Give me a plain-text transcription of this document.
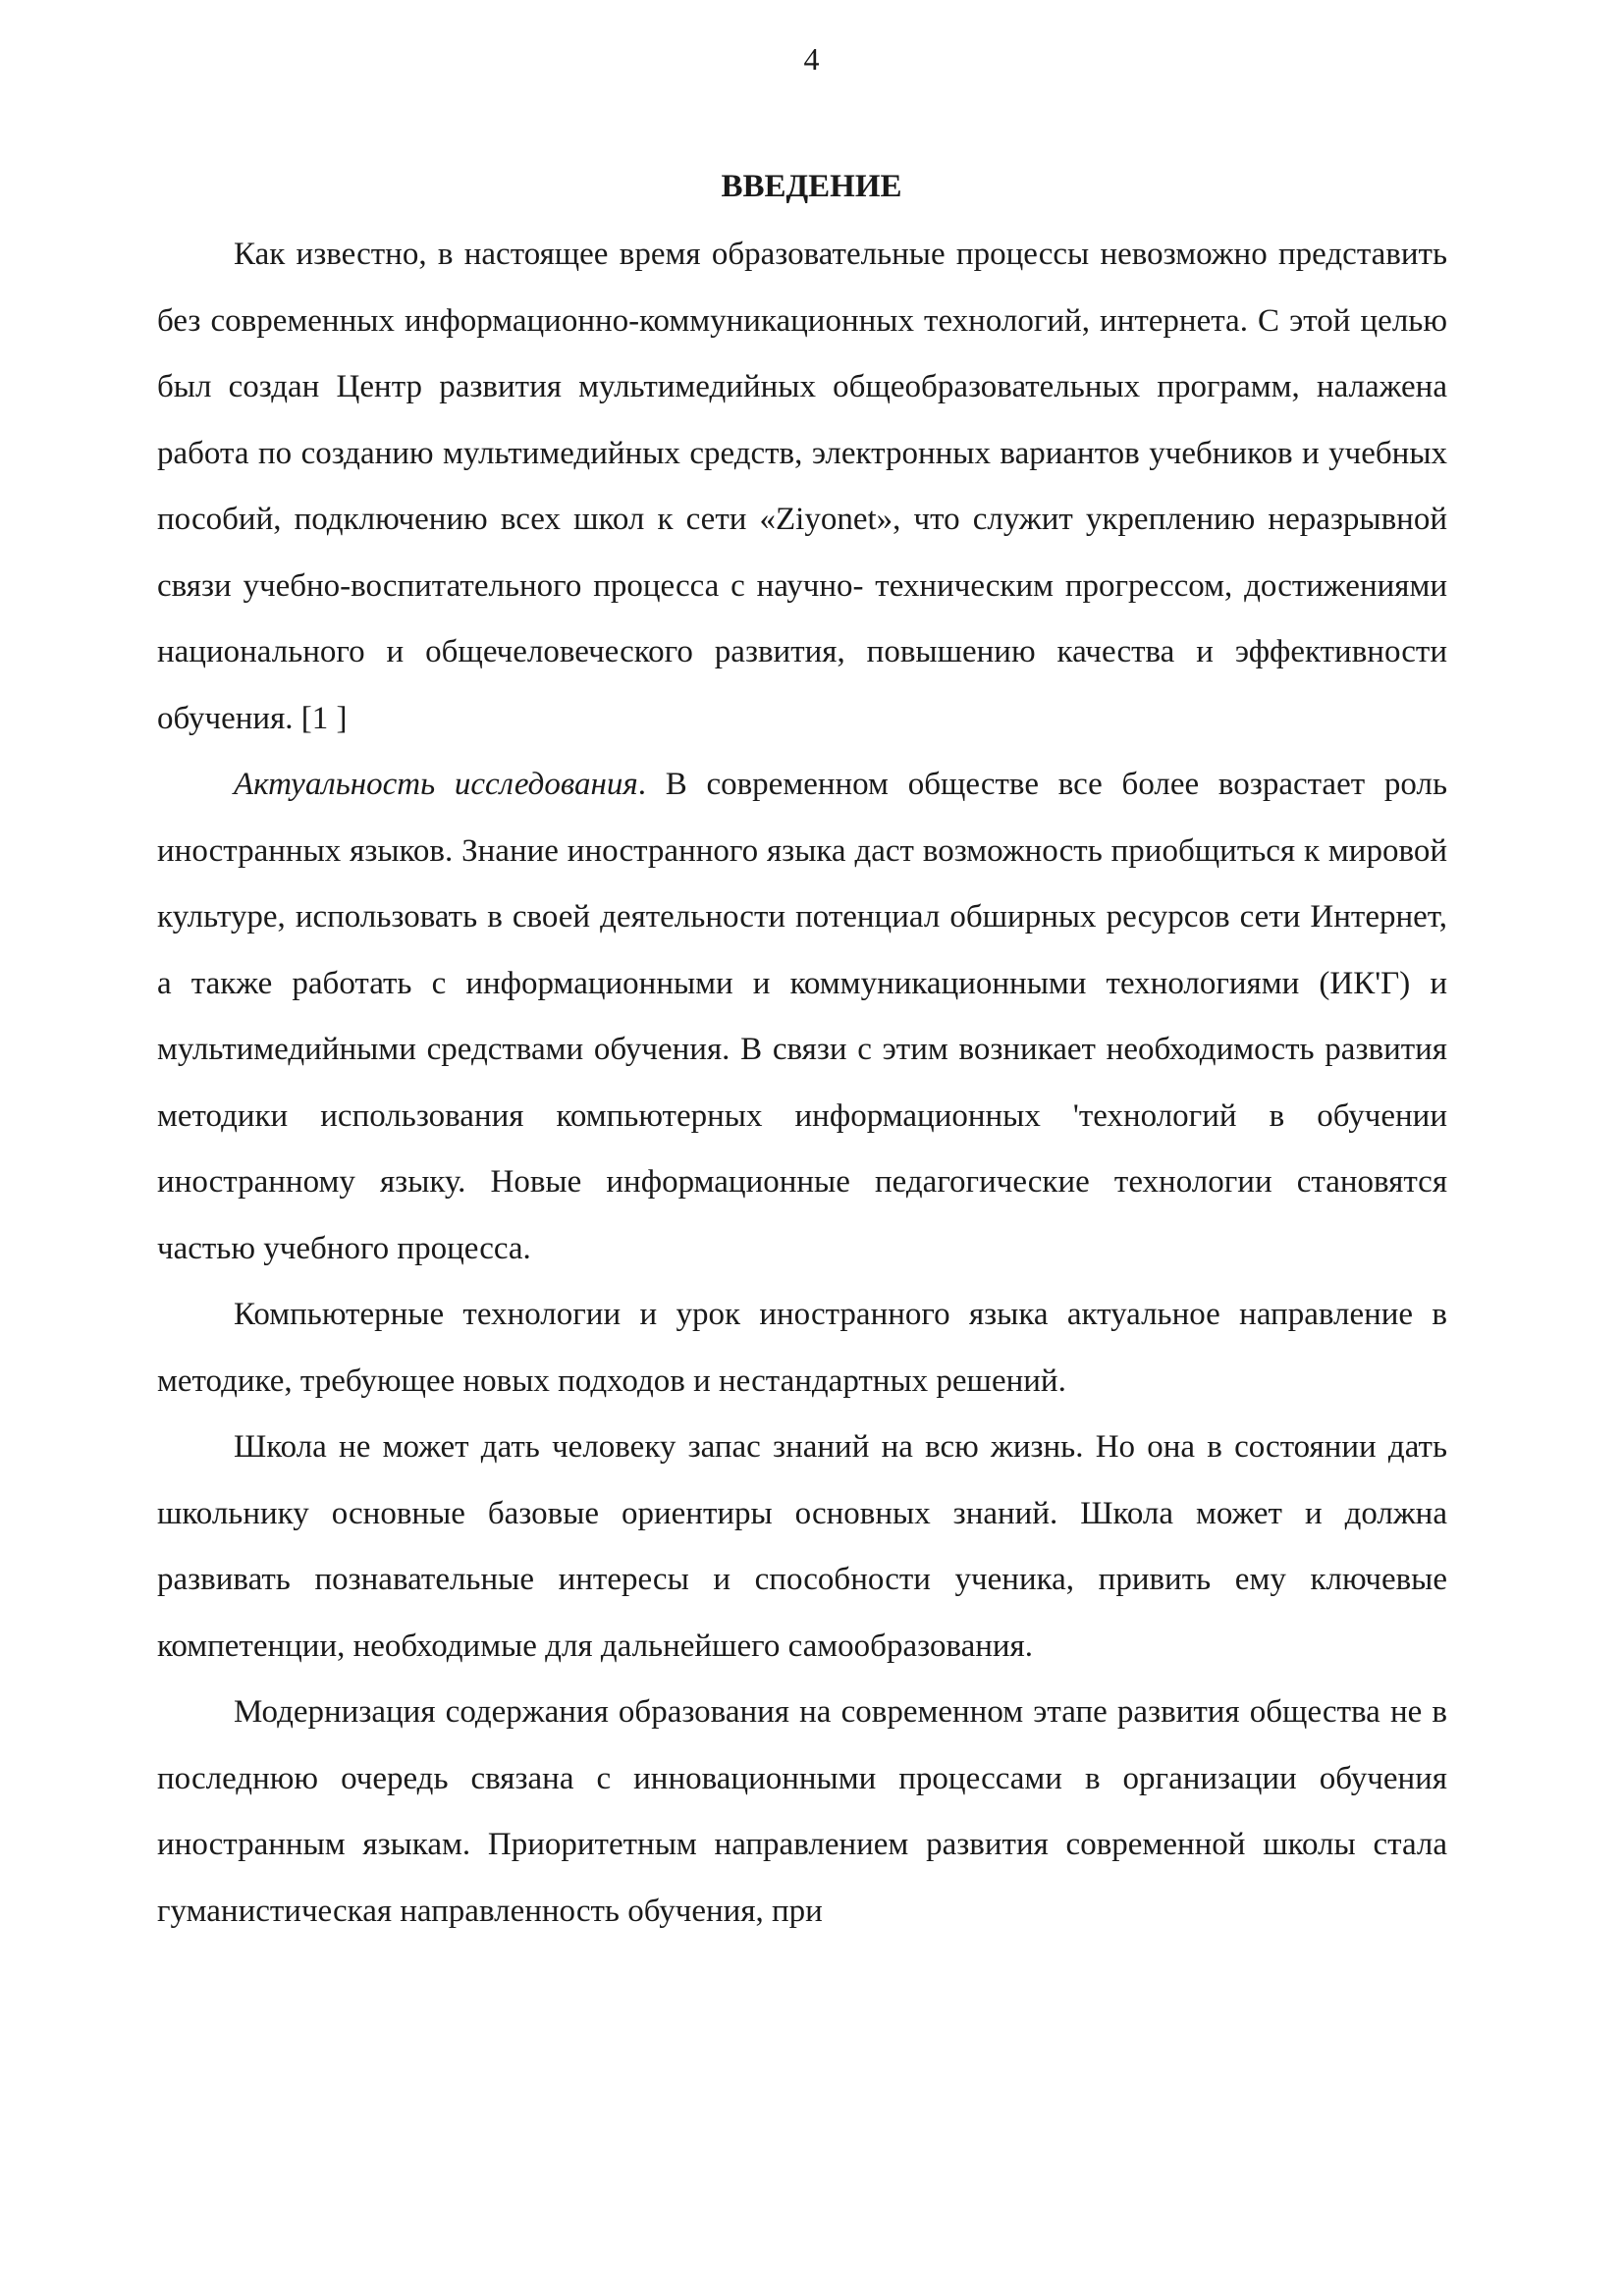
4
ВВЕДЕНИЕ

Как известно, в настоящее время образовательные процессы невозможно представить без современных информационно-коммуникационных технологий, интернета. С этой целью был создан Центр развития мультимедийных общеобразовательных программ, налажена работа по созданию мультимедийных средств, электронных вариантов учебников и учебных пособий, подключению всех школ к сети «Ziyonet», что служит укреплению неразрывной связи учебно-воспитательного процесса с научно- техническим прогрессом, достижениями национального и общечеловеческого развития, повышению качества и эффективности обучения. [1 ]

Актуальность исследования. В современном обществе все более возрастает роль иностранных языков. Знание иностранного языка даст возможность приобщиться к мировой культуре, использовать в своей деятельности потенциал обширных ресурсов сети Интернет, а также работать с информационными и коммуникационными технологиями (ИК'Г) и мультимедийными средствами обучения. В связи с этим возникает необходимость развития методики использования компьютерных информационных 'технологий в обучении иностранному языку. Новые информационные педагогические технологии становятся частью учебного процесса.

Компьютерные технологии и урок иностранного языка актуальное направление в методике, требующее новых подходов и нестандартных решений.

Школа не может дать человеку запас знаний на всю жизнь. Но она в состоянии дать школьнику основные базовые ориентиры основных знаний. Школа может и должна развивать познавательные интересы и способности ученика, привить ему ключевые компетенции, необходимые для дальнейшего самообразования.

Модернизация содержания образования на современном этапе развития общества не в последнюю очередь связана с инновационными процессами в организации обучения иностранным языкам. Приоритетным направлением развития современной школы стала гуманистическая направленность обучения, при
